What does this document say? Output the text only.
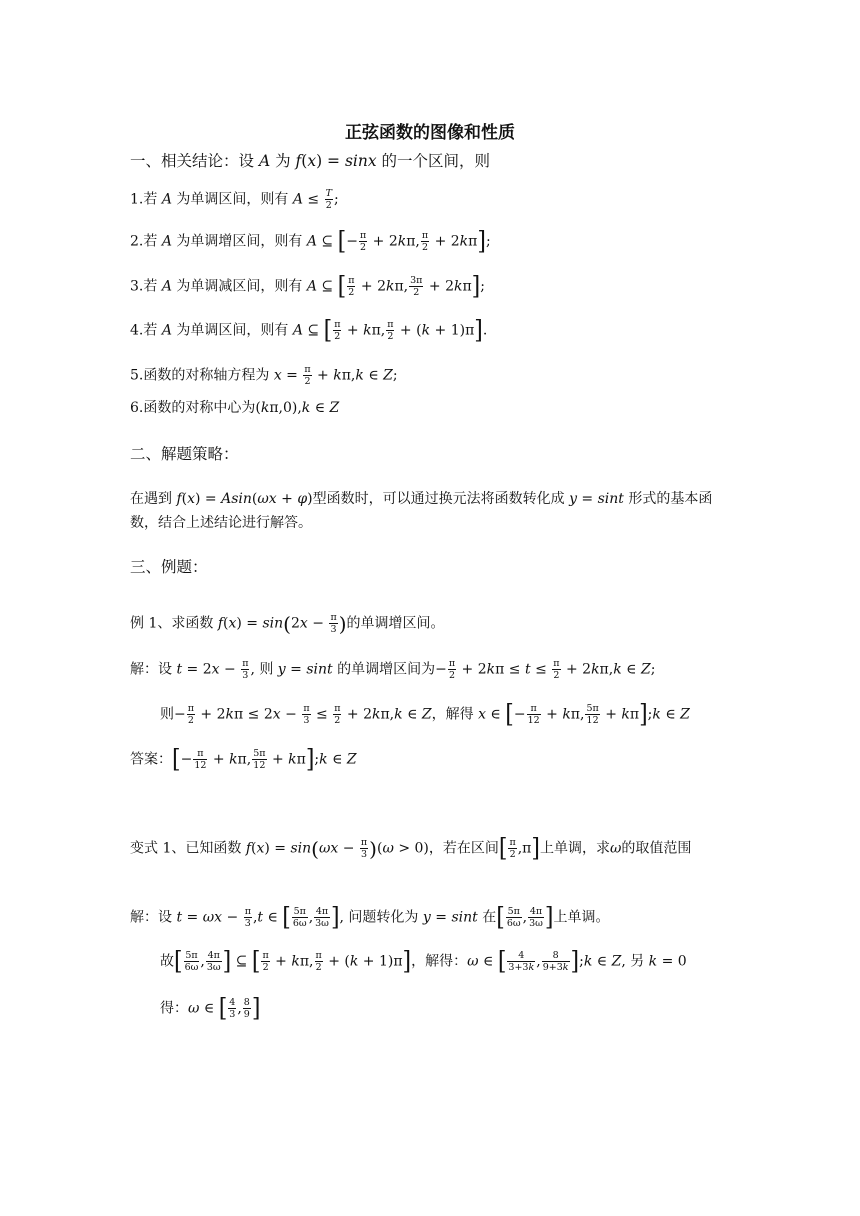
正弦函数的图像和性质
一、相关结论：设 A 为 f(x) = sinx 的一个区间，则
1.若 A 为单调区间，则有 $A \le \frac{T}{2}$ ;
2.若 A 为单调增区间，则有 A ⊆ [− $\frac{\pi}{2} + 2k\pi$, $\frac{\pi}{2} + 2k\pi$];
3.若 A 为单调减区间，则有 A ⊆ [ $\frac{\pi}{2} + 2k\pi$, $\frac{3\pi}{2} + 2k\pi$];
4.若 A 为单调区间，则有 A ⊆ [ $\frac{\pi}{2} + k\pi$, $\frac{\pi}{2} + (k + 1)\pi$].
5.函数的对称轴方程为 $x = \frac{\pi}{2} + k\pi,k$ ∈ Z;
6.函数的对称中心为(kπ,0),k ∈ Z
二、解题策略：
在遇到 f(x) = Asin(ωx + φ)型函数时，可以通过换元法将函数转化成 y = sint 形式的基本函数，结合上述结论进行解答。
三、例题：
例 1、求函数 $f(x) = \sin(2x - \frac{\pi}{3}$ )的单调增区间。
解：设 $t = 2x - \frac{\pi}{3}$ , 则 y = sint 的单调增区间为− $\frac{\pi}{2} + 2k\pi \le t \le \frac{\pi}{2} + 2k\pi,k$ ∈ Z;
则− $\frac{\pi}{2} + 2k\pi \le 2x - \frac{\pi}{3} \le \frac{\pi}{2} + 2k\pi,k$ ∈ Z，解得 x ∈ [− $\frac{\pi}{12} + k\pi$, $\frac{5\pi}{12}$ + kπ];k ∈ Z
答案：[− $\frac{\pi}{12} + k\pi$, $\frac{5\pi}{12}$ + kπ];k ∈ Z
变式 1、已知函数 $f(x) = \sin(\omega x - \frac{\pi}{3} )(\omega > 0)$，若在区间[ $\frac{\pi}{2} ,\pi$]上单调，求ω的取值范围
解：设 $t = \omega x - \frac{\pi}{3} ,t$ ∈ [ $\frac{5\pi}{6\omega}$ , $\frac{4\pi}{3\omega}$ ], 问题转化为 y = sint 在[ $\frac{5\pi}{6\omega}$ , $\frac{4\pi}{3\omega}$ ]上单调。
故[ $\frac{5\pi}{6\omega}$ , $\frac{4\pi}{3\omega}$ ] ⊆ [ $\frac{\pi}{2} + k\pi$, $\frac{\pi}{2} + (k + 1)\pi$]，解得：ω ∈ [ $\frac{4}{3+3k}$ , $\frac{8}{9+3k}$ ];k ∈ Z, 另 k = 0
得：ω ∈ [ $\frac{4}{3}$ , $\frac{8}{9}$ ]
